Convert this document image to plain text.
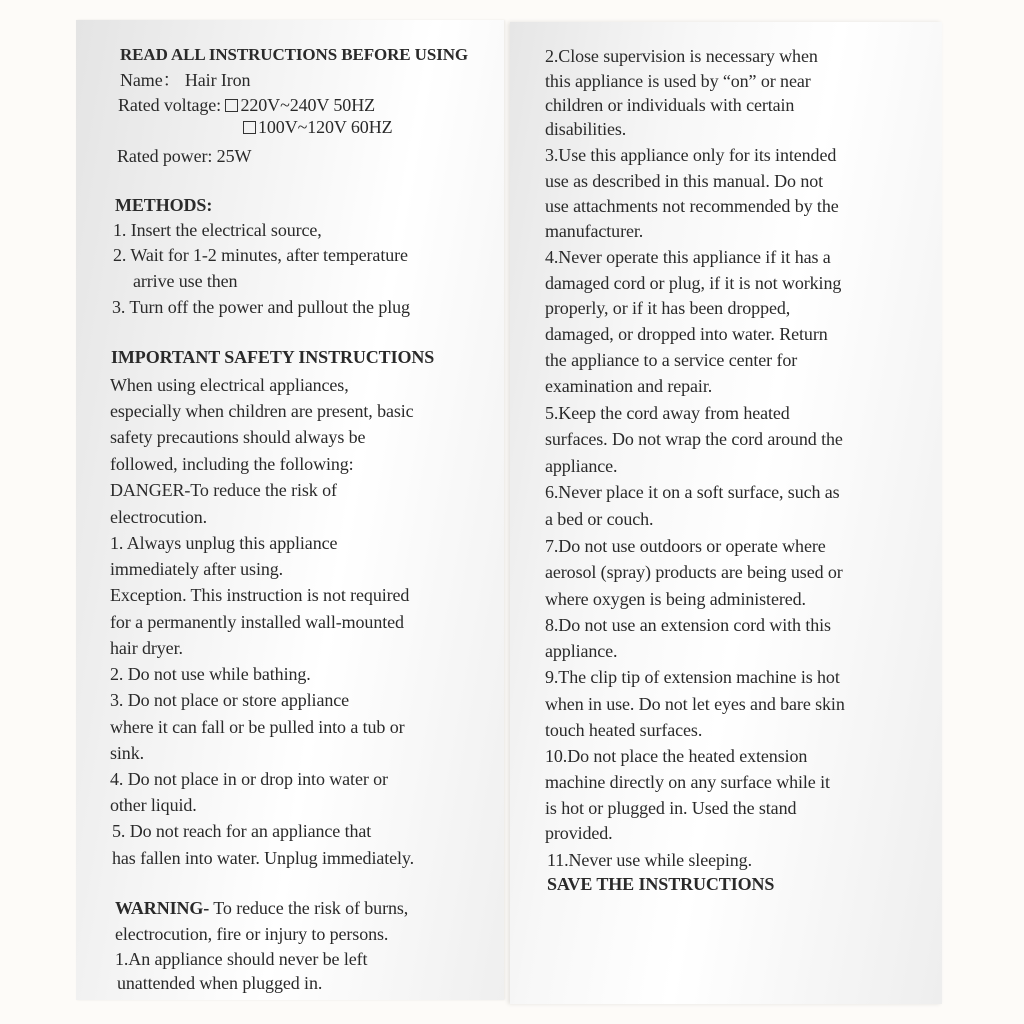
READ ALL INSTRUCTIONS BEFORE USING
Name： Hair Iron
Rated voltage: 220V~240V 50HZ
100V~120V 60HZ
Rated power: 25W
METHODS:
1. Insert the electrical source,
2. Wait for 1-2 minutes, after temperature
arrive use then
3. Turn off the power and pullout the plug
IMPORTANT SAFETY INSTRUCTIONS
When using electrical appliances,
especially when children are present, basic
safety precautions should always be
followed, including the following:
DANGER-To reduce the risk of
electrocution.
1. Always unplug this appliance
immediately after using.
Exception. This instruction is not required
for a permanently installed wall-mounted
hair dryer.
2. Do not use while bathing.
3. Do not place or store appliance
where it can fall or be pulled into a tub or
sink.
4. Do not place in or drop into water or
other liquid.
5. Do not reach for an appliance that
has fallen into water. Unplug immediately.
WARNING- To reduce the risk of burns,
electrocution, fire or injury to persons.
1.An appliance should never be left
unattended when plugged in.
2.Close supervision is necessary when
this appliance is used by “on” or near
children or individuals with certain
disabilities.
3.Use this appliance only for its intended
use as described in this manual. Do not
use attachments not recommended by the
manufacturer.
4.Never operate this appliance if it has a
damaged cord or plug, if it is not working
properly, or if it has been dropped,
damaged, or dropped into water. Return
the appliance to a service center for
examination and repair.
5.Keep the cord away from heated
surfaces. Do not wrap the cord around the
appliance.
6.Never place it on a soft surface, such as
a bed or couch.
7.Do not use outdoors or operate where
aerosol (spray) products are being used or
where oxygen is being administered.
8.Do not use an extension cord with this
appliance.
9.The clip tip of extension machine is hot
when in use. Do not let eyes and bare skin
touch heated surfaces.
10.Do not place the heated extension
machine directly on any surface while it
is hot or plugged in. Used the stand
provided.
11.Never use while sleeping.
SAVE THE INSTRUCTIONS
